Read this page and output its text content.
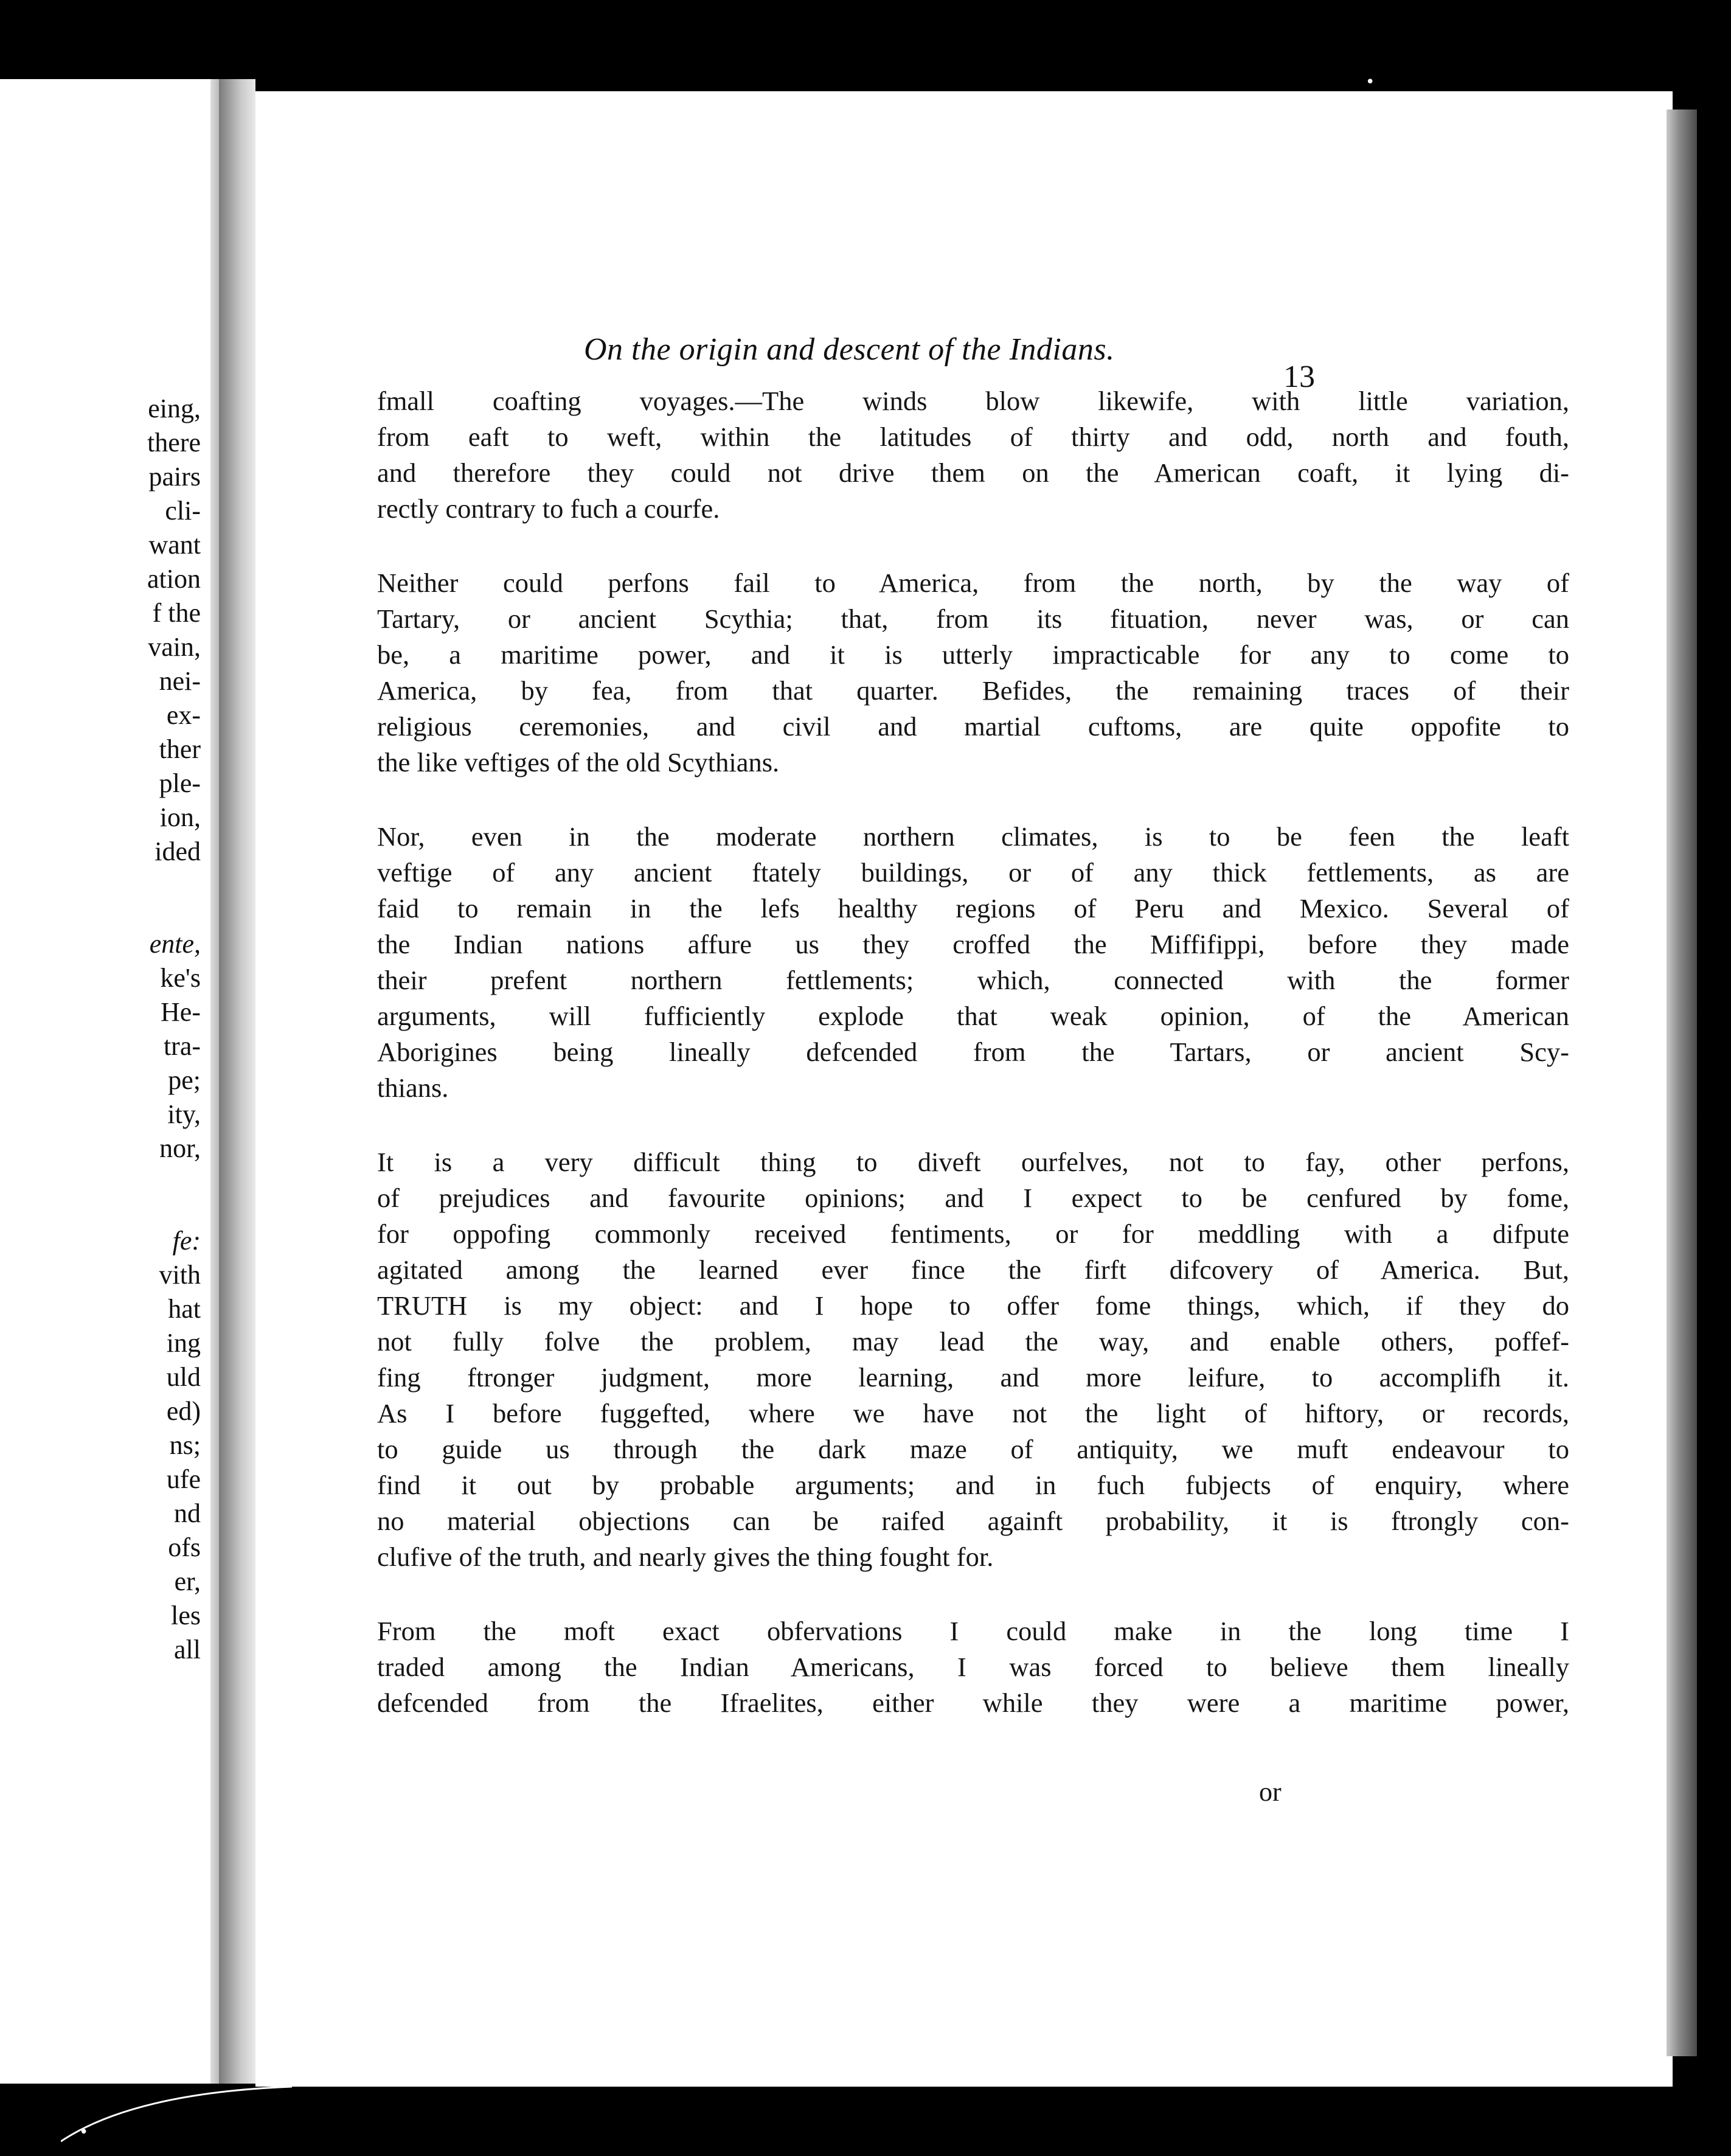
eing,
there
pairs
cli-
want
ation
f the
vain,
nei-
ex-
ther
ple-
ion,
ided
ente,
ke's
He-
tra-
pe;
ity,
nor,
fe:
vith
hat
ing
uld
ed)
ns;
ufe
nd
ofs
er,
les
all
On the origin and descent of the Indians.
13
fmall coafting voyages.—The winds blow likewife, with little variation,
from eaft to weft, within the latitudes of thirty and odd, north and fouth,
and therefore they could not drive them on the American coaft, it lying di-
rectly contrary to fuch a courfe.
Neither could perfons fail to America, from the north, by the way of
Tartary, or ancient Scythia; that, from its fituation, never was, or can
be, a maritime power, and it is utterly impracticable for any to come to
America, by fea, from that quarter. Befides, the remaining traces of their
religious ceremonies, and civil and martial cuftoms, are quite oppofite to
the like veftiges of the old Scythians.
Nor, even in the moderate northern climates, is to be feen the leaft
veftige of any ancient ftately buildings, or of any thick fettlements, as are
faid to remain in the lefs healthy regions of Peru and Mexico. Several of
the Indian nations affure us they croffed the Miffifippi, before they made
their prefent northern fettlements; which, connected with the former
arguments, will fufficiently explode that weak opinion, of the American
Aborigines being lineally defcended from the Tartars, or ancient Scy-
thians.
It is a very difficult thing to diveft ourfelves, not to fay, other perfons,
of prejudices and favourite opinions; and I expect to be cenfured by fome,
for oppofing commonly received fentiments, or for meddling with a difpute
agitated among the learned ever fince the firft difcovery of America. But,
TRUTH is my object: and I hope to offer fome things, which, if they do
not fully folve the problem, may lead the way, and enable others, poffef-
fing ftronger judgment, more learning, and more leifure, to accomplifh it.
As I before fuggefted, where we have not the light of hiftory, or records,
to guide us through the dark maze of antiquity, we muft endeavour to
find it out by probable arguments; and in fuch fubjects of enquiry, where
no material objections can be raifed againft probability, it is ftrongly con-
clufive of the truth, and nearly gives the thing fought for.
From the moft exact obfervations I could make in the long time I
traded among the Indian Americans, I was forced to believe them lineally
defcended from the Ifraelites, either while they were a maritime power,
or
•
•
